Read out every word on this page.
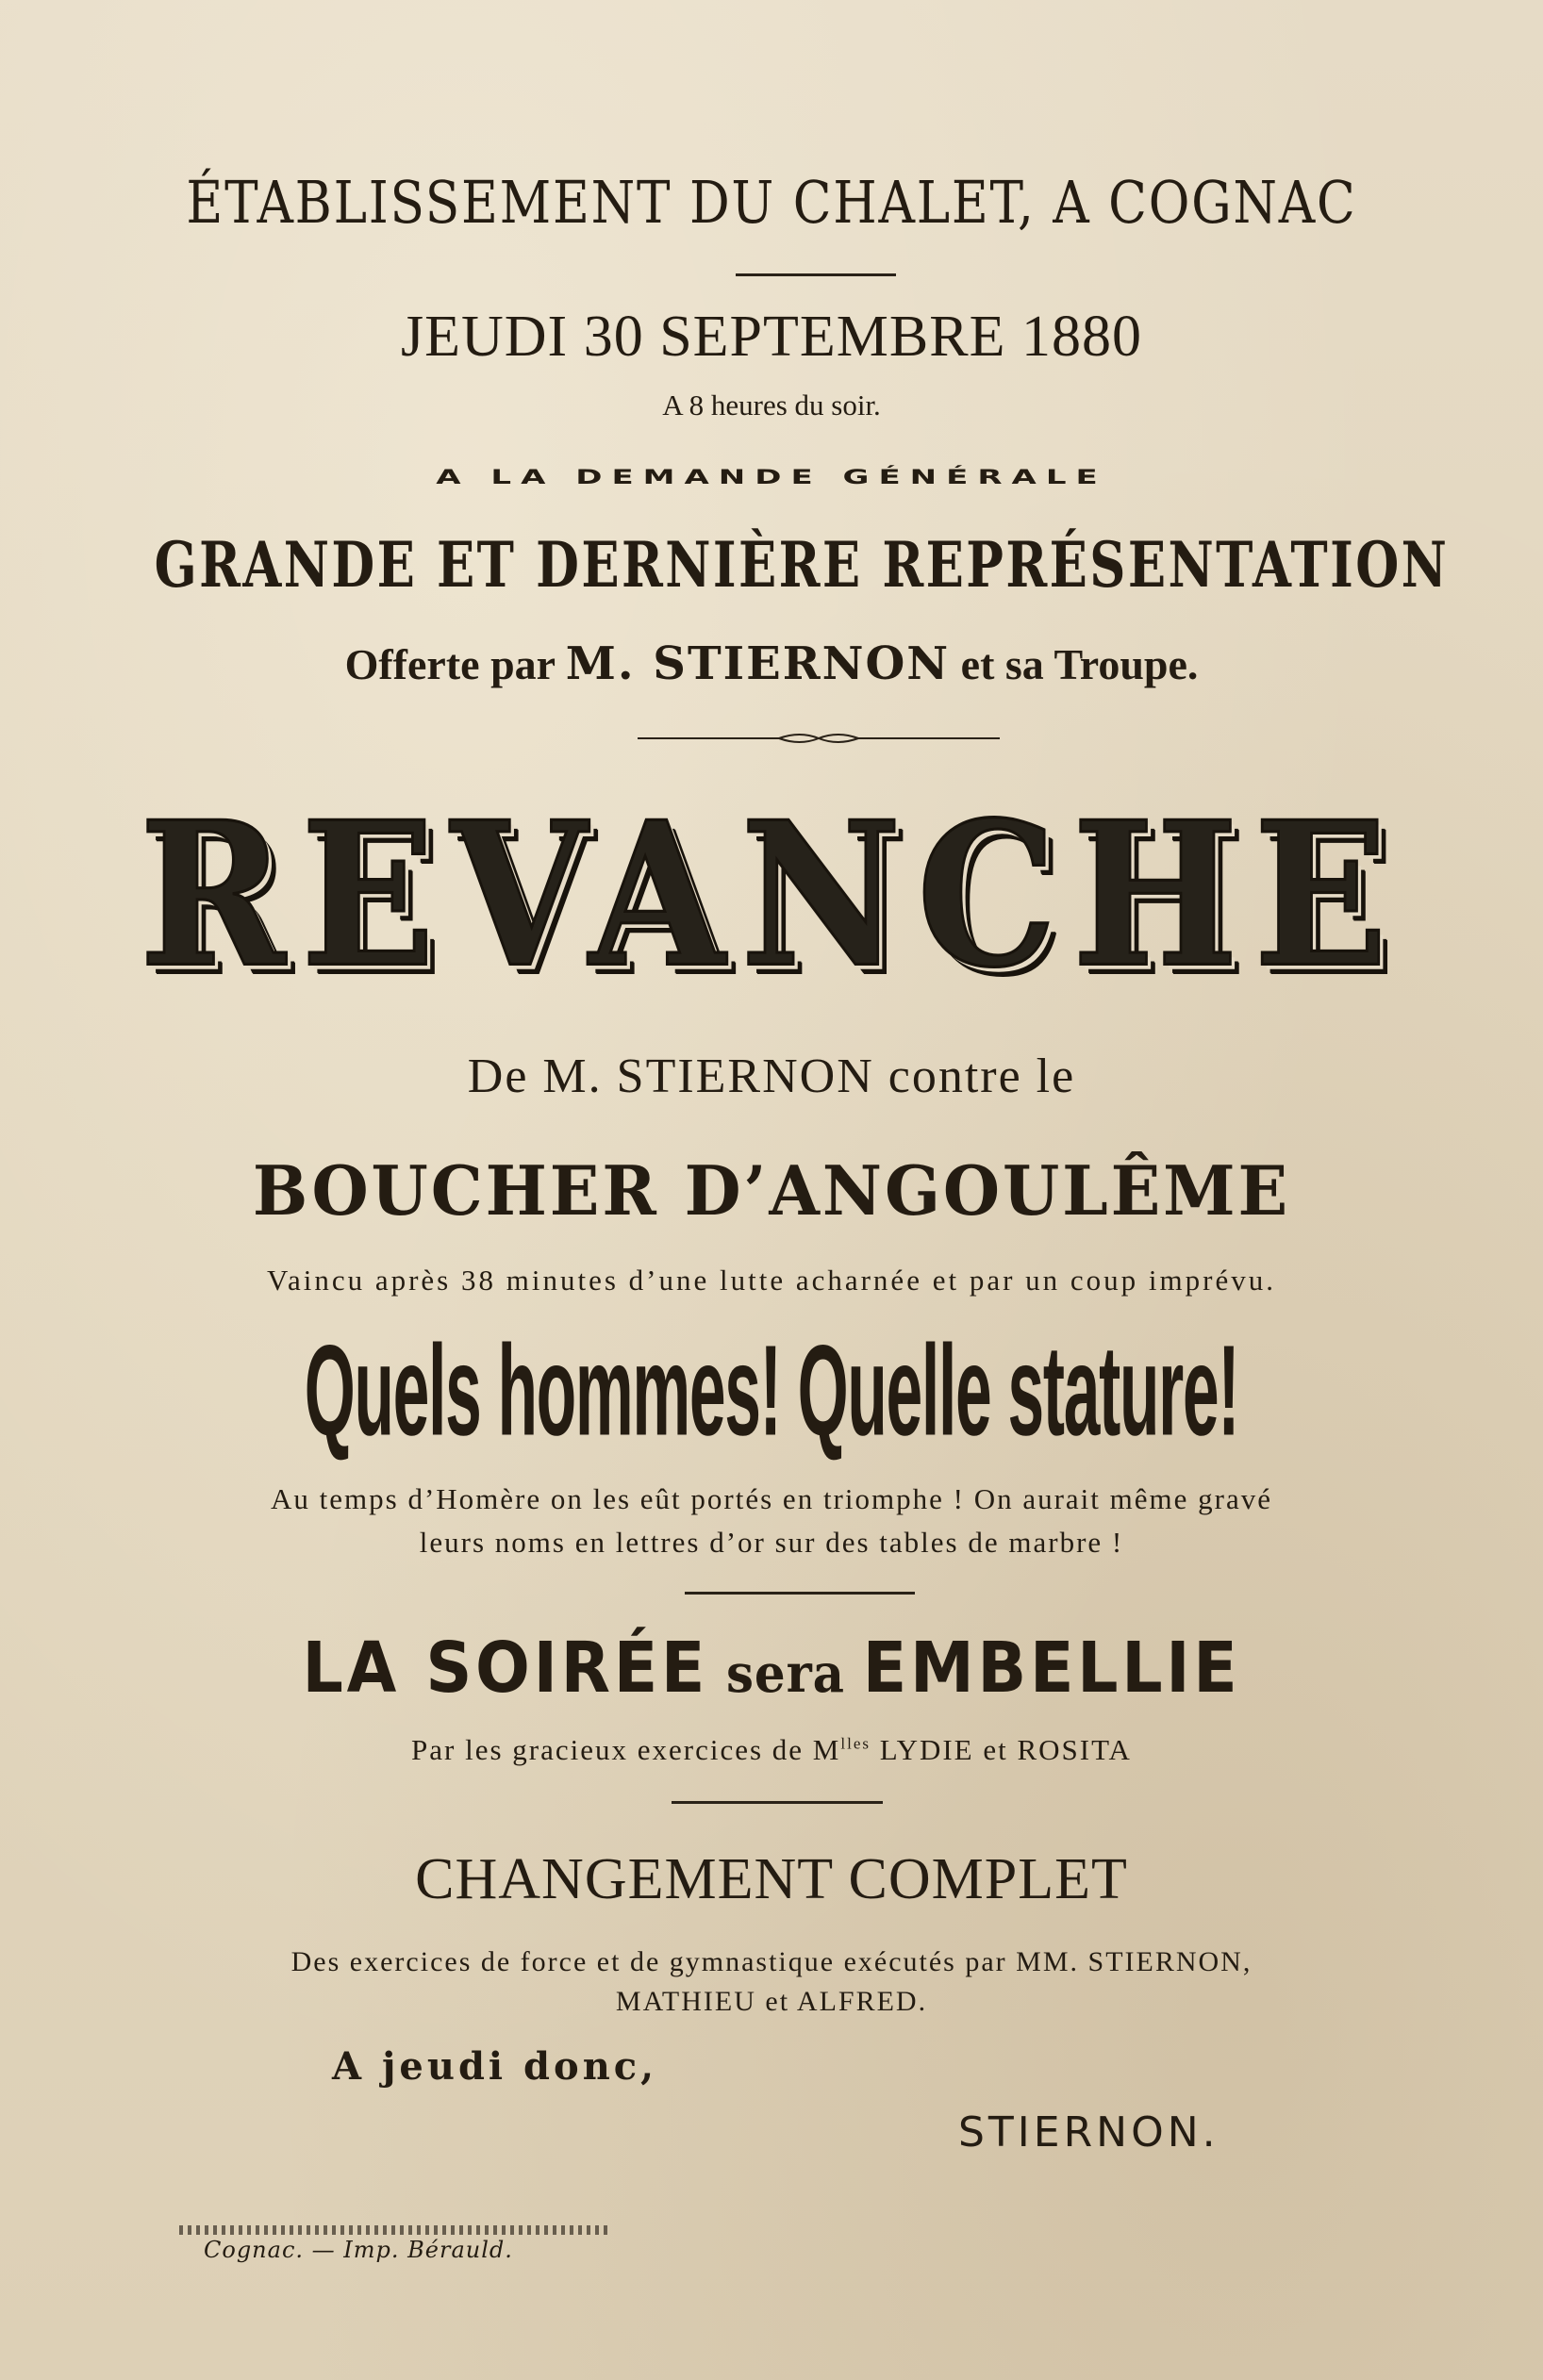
ÉTABLISSEMENT DU CHALET, A COGNAC
JEUDI 30 SEPTEMBRE 1880
A 8 heures du soir.
A LA DEMANDE GÉNÉRALE
GRANDE ET DERNIÈRE REPRÉSENTATION
Offerte par M. STIERNON et sa Troupe.
REVANCHE
De M. STIERNON contre le
BOUCHER D’ANGOULÊME
Vaincu après 38 minutes d’une lutte acharnée et par un coup imprévu.
Quels hommes! Quelle stature!
Au temps d’Homère on les eût portés en triomphe ! On aurait même gravé
leurs noms en lettres d’or sur des tables de marbre !
LA SOIRÉE sera EMBELLIE
Par les gracieux exercices de $M^{lles}$ LYDIE et ROSITA
CHANGEMENT COMPLET
Des exercices de force et de gymnastique exécutés par MM. STIERNON,
MATHIEU et ALFRED.
A jeudi donc,
STIERNON.
Cognac. — Imp. Bérauld.
